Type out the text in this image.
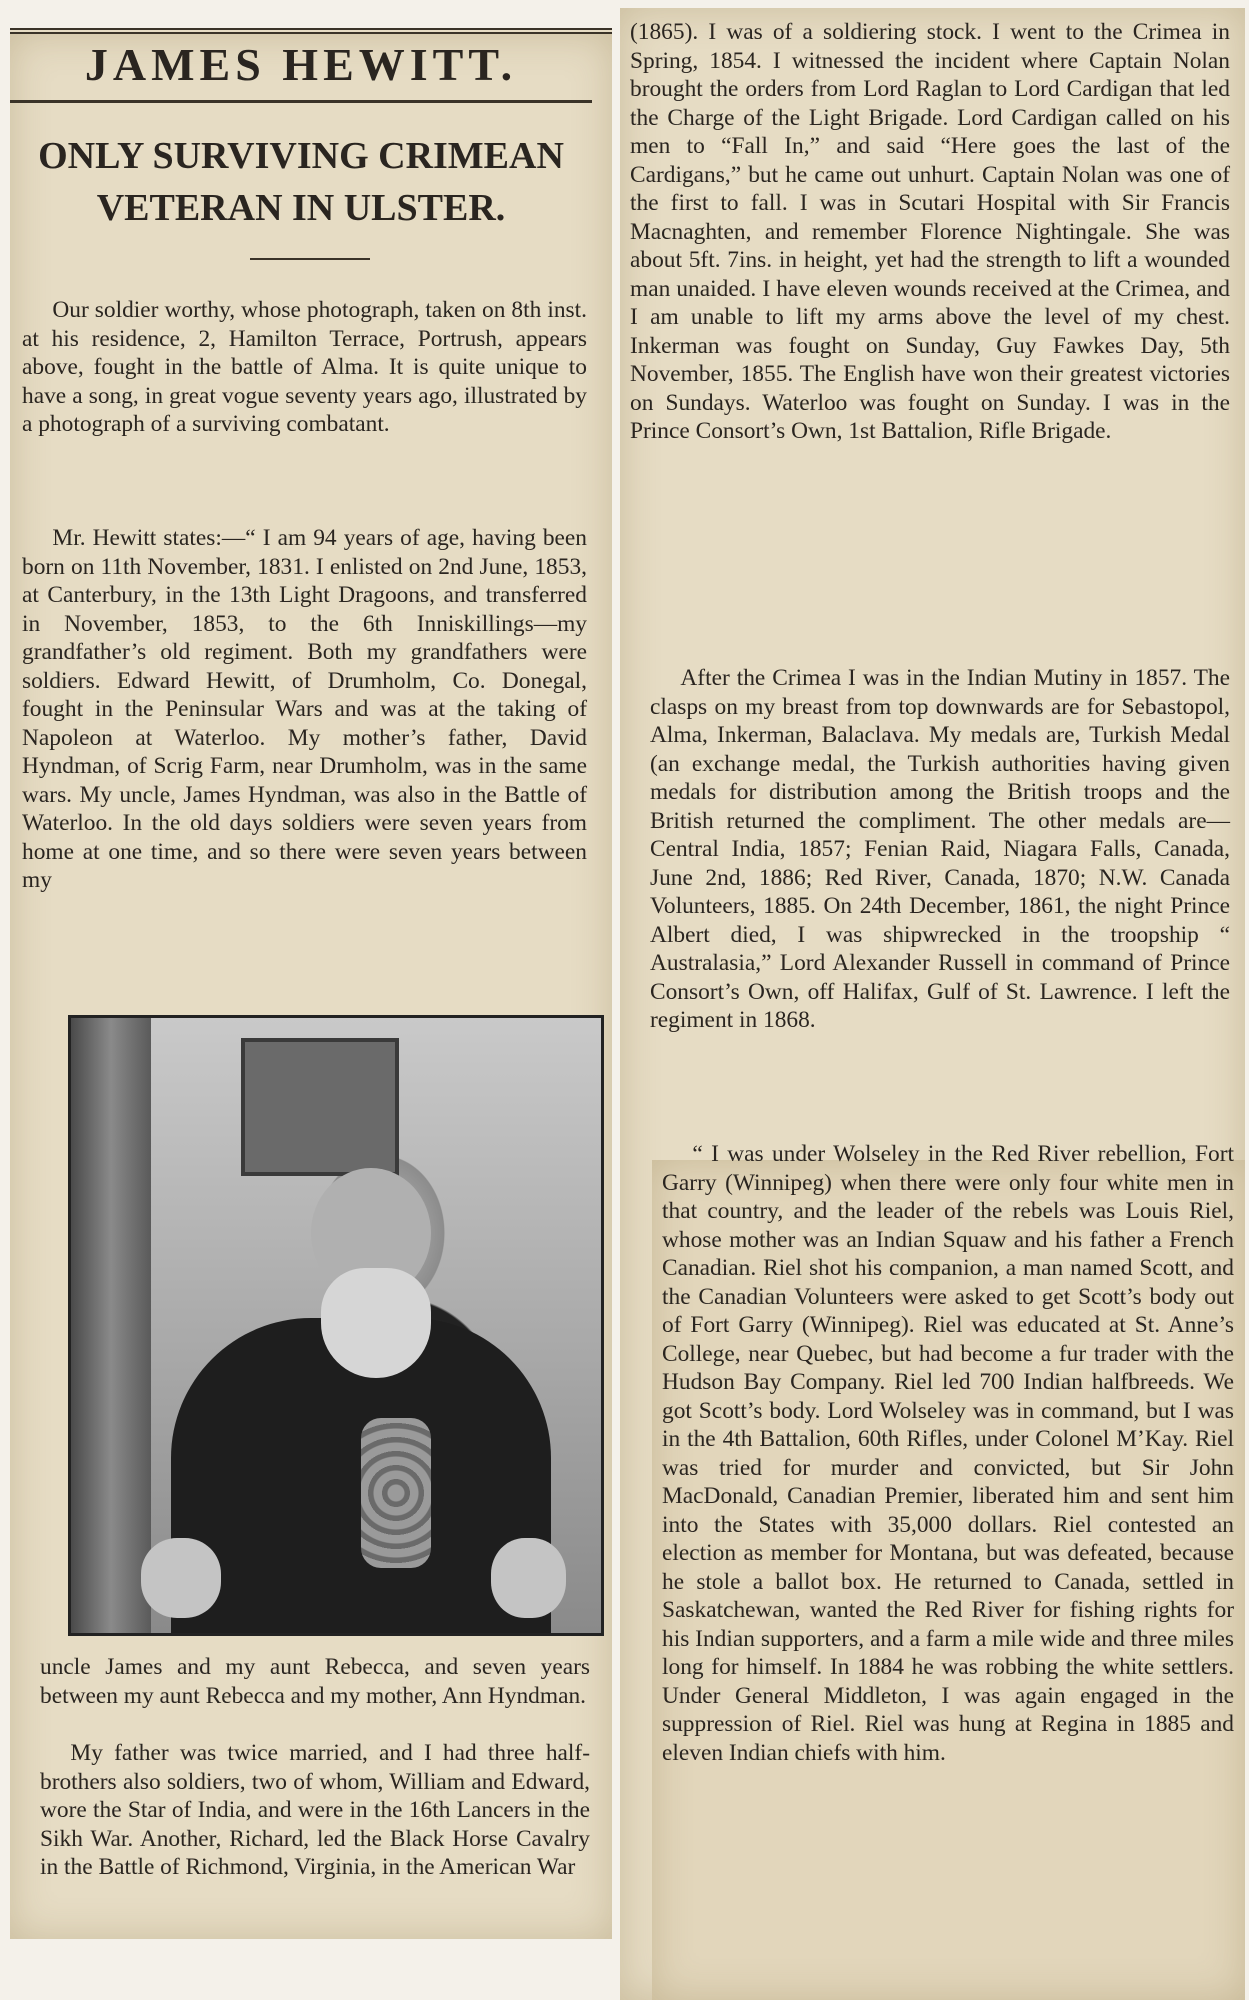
JAMES HEWITT.
ONLY SURVIVING CRIMEAN VETERAN IN ULSTER.

Our soldier worthy, whose photograph, taken on 8th inst. at his residence, 2, Hamilton Terrace, Portrush, appears above, fought in the battle of Alma. It is quite unique to have a song, in great vogue seventy years ago, illustrated by a photograph of a surviving combatant.

Mr. Hewitt states:—“ I am 94 years of age, having been born on 11th November, 1831. I enlisted on 2nd June, 1853, at Canterbury, in the 13th Light Dragoons, and transferred in November, 1853, to the 6th Inniskillings—my grandfather’s old regiment. Both my grandfathers were soldiers. Edward Hewitt, of Drumholm, Co. Donegal, fought in the Peninsular Wars and was at the taking of Napoleon at Waterloo. My mother’s father, David Hyndman, of Scrig Farm, near Drumholm, was in the same wars. My uncle, James Hyndman, was also in the Battle of Waterloo. In the old days soldiers were seven years from home at one time, and so there were seven years between my

uncle James and my aunt Rebecca, and seven years between my aunt Rebecca and my mother, Ann Hyndman.

My father was twice married, and I had three half-brothers also soldiers, two of whom, William and Edward, wore the Star of India, and were in the 16th Lancers in the Sikh War. Another, Richard, led the Black Horse Cavalry in the Battle of Richmond, Virginia, in the American War

(1865). I was of a soldiering stock. I went to the Crimea in Spring, 1854. I witnessed the incident where Captain Nolan brought the orders from Lord Raglan to Lord Cardigan that led the Charge of the Light Brigade. Lord Cardigan called on his men to “Fall In,” and said “Here goes the last of the Cardigans,” but he came out unhurt. Captain Nolan was one of the first to fall. I was in Scutari Hospital with Sir Francis Macnaghten, and remember Florence Nightingale. She was about 5ft. 7ins. in height, yet had the strength to lift a wounded man unaided. I have eleven wounds received at the Crimea, and I am unable to lift my arms above the level of my chest. Inkerman was fought on Sunday, Guy Fawkes Day, 5th November, 1855. The English have won their greatest victories on Sundays. Waterloo was fought on Sunday. I was in the Prince Consort’s Own, 1st Battalion, Rifle Brigade.

After the Crimea I was in the Indian Mutiny in 1857. The clasps on my breast from top downwards are for Sebastopol, Alma, Inkerman, Balaclava. My medals are, Turkish Medal (an exchange medal, the Turkish authorities having given medals for distribution among the British troops and the British returned the compliment. The other medals are—Central India, 1857; Fenian Raid, Niagara Falls, Canada, June 2nd, 1886; Red River, Canada, 1870; N.W. Canada Volunteers, 1885. On 24th December, 1861, the night Prince Albert died, I was shipwrecked in the troopship “ Australasia,” Lord Alexander Russell in command of Prince Consort’s Own, off Halifax, Gulf of St. Lawrence. I left the regiment in 1868.

“ I was under Wolseley in the Red River rebellion, Fort Garry (Winnipeg) when there were only four white men in that country, and the leader of the rebels was Louis Riel, whose mother was an Indian Squaw and his father a French Canadian. Riel shot his companion, a man named Scott, and the Canadian Volunteers were asked to get Scott’s body out of Fort Garry (Winnipeg). Riel was educated at St. Anne’s College, near Quebec, but had become a fur trader with the Hudson Bay Company. Riel led 700 Indian halfbreeds. We got Scott’s body. Lord Wolseley was in command, but I was in the 4th Battalion, 60th Rifles, under Colonel M’Kay. Riel was tried for murder and convicted, but Sir John MacDonald, Canadian Premier, liberated him and sent him into the States with 35,000 dollars. Riel contested an election as member for Montana, but was defeated, because he stole a ballot box. He returned to Canada, settled in Saskatchewan, wanted the Red River for fishing rights for his Indian supporters, and a farm a mile wide and three miles long for himself. In 1884 he was robbing the white settlers. Under General Middleton, I was again engaged in the suppression of Riel. Riel was hung at Regina in 1885 and eleven Indian chiefs with him.
